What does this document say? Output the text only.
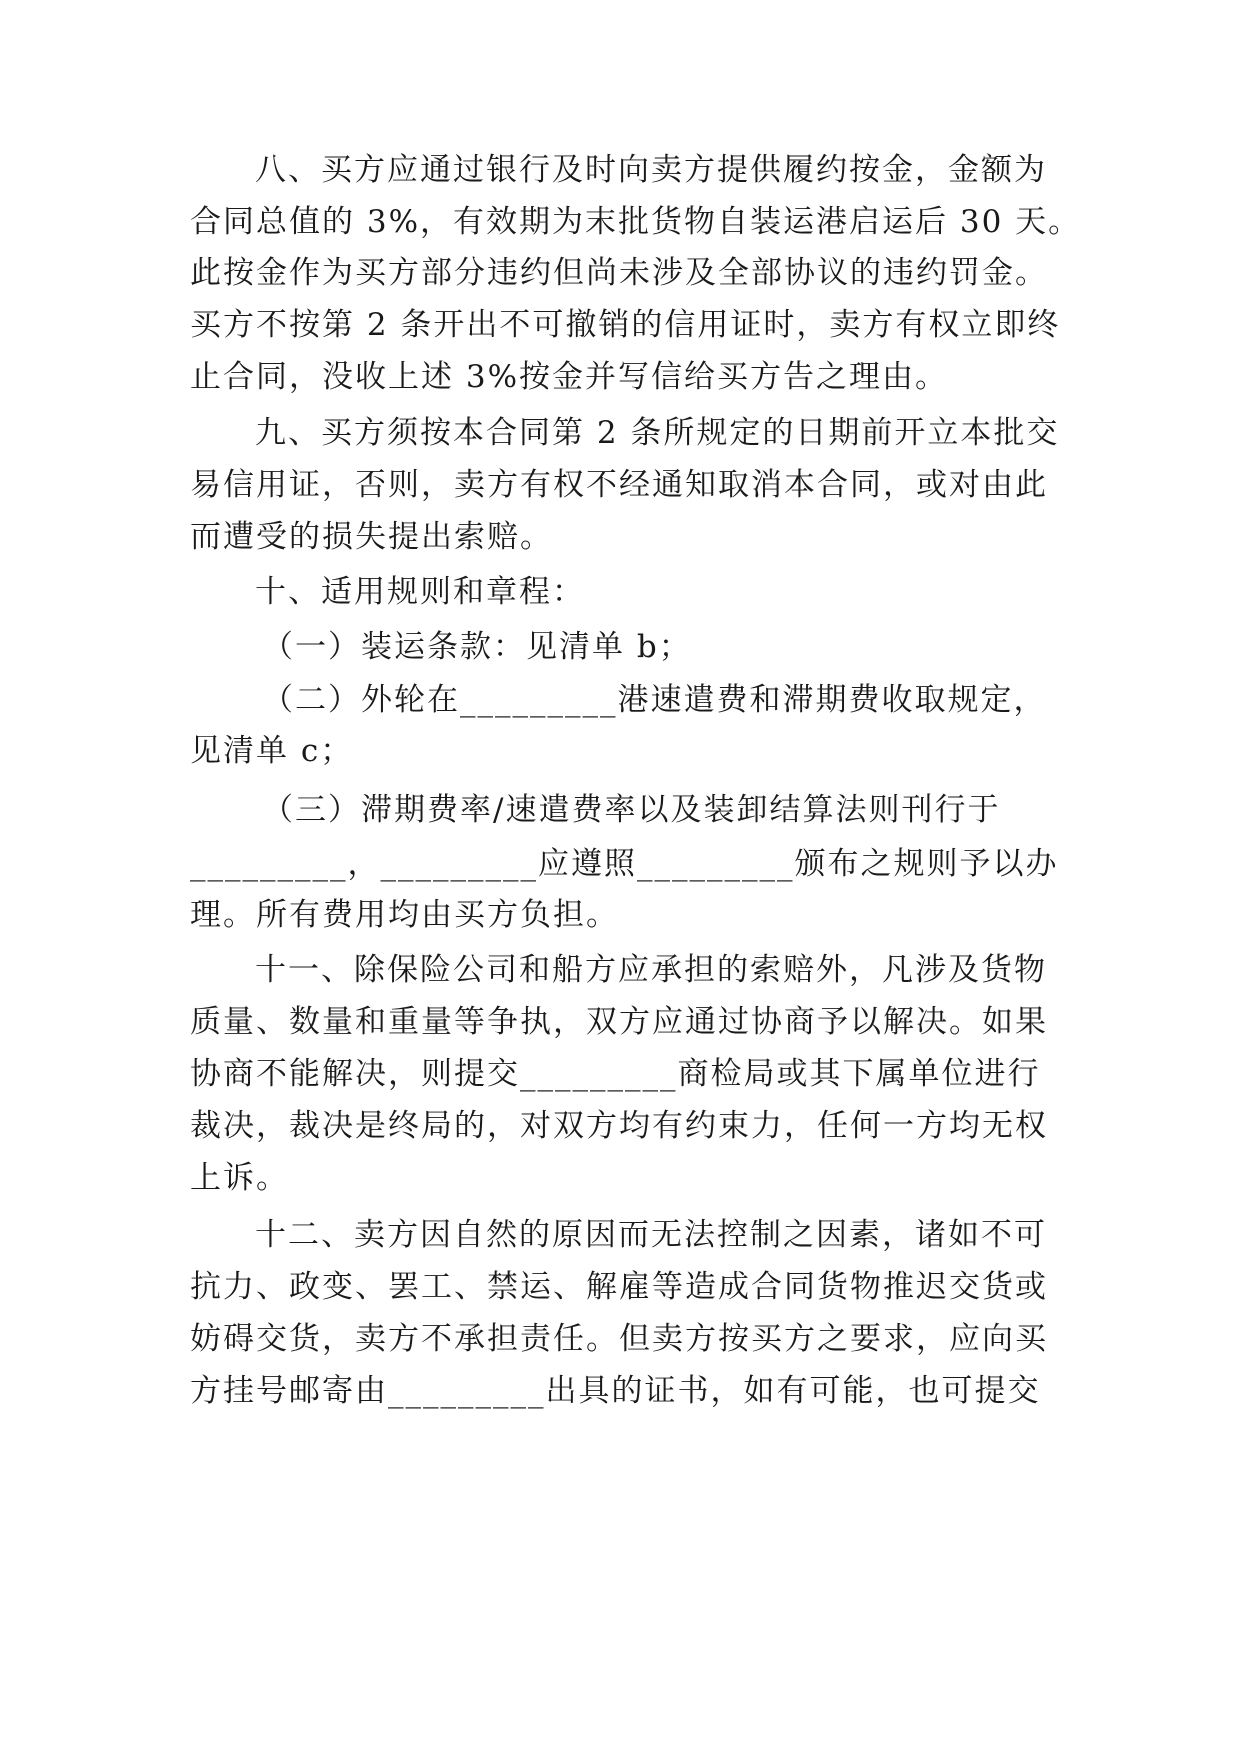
八、买方应通过银行及时向卖方提供履约按金，金额为

合同总值的 3%，有效期为末批货物自装运港启运后 30 天。

此按金作为买方部分违约但尚未涉及全部协议的违约罚金。

买方不按第 2 条开出不可撤销的信用证时，卖方有权立即终

止合同，没收上述 3%按金并写信给买方告之理由。

九、买方须按本合同第 2 条所规定的日期前开立本批交

易信用证，否则，卖方有权不经通知取消本合同，或对由此

而遭受的损失提出索赔。

十、适用规则和章程：

（一）装运条款：见清单 b；

（二）外轮在_________港速遣费和滞期费收取规定，

见清单 c；

（三）滞期费率/速遣费率以及装卸结算法则刊行于

_________，_________应遵照_________颁布之规则予以办

理。所有费用均由买方负担。

十一、除保险公司和船方应承担的索赔外，凡涉及货物

质量、数量和重量等争执，双方应通过协商予以解决。如果

协商不能解决，则提交_________商检局或其下属单位进行

裁决，裁决是终局的，对双方均有约束力，任何一方均无权

上诉。

十二、卖方因自然的原因而无法控制之因素，诸如不可

抗力、政变、罢工、禁运、解雇等造成合同货物推迟交货或

妨碍交货，卖方不承担责任。但卖方按买方之要求，应向买

方挂号邮寄由_________出具的证书，如有可能，也可提交
